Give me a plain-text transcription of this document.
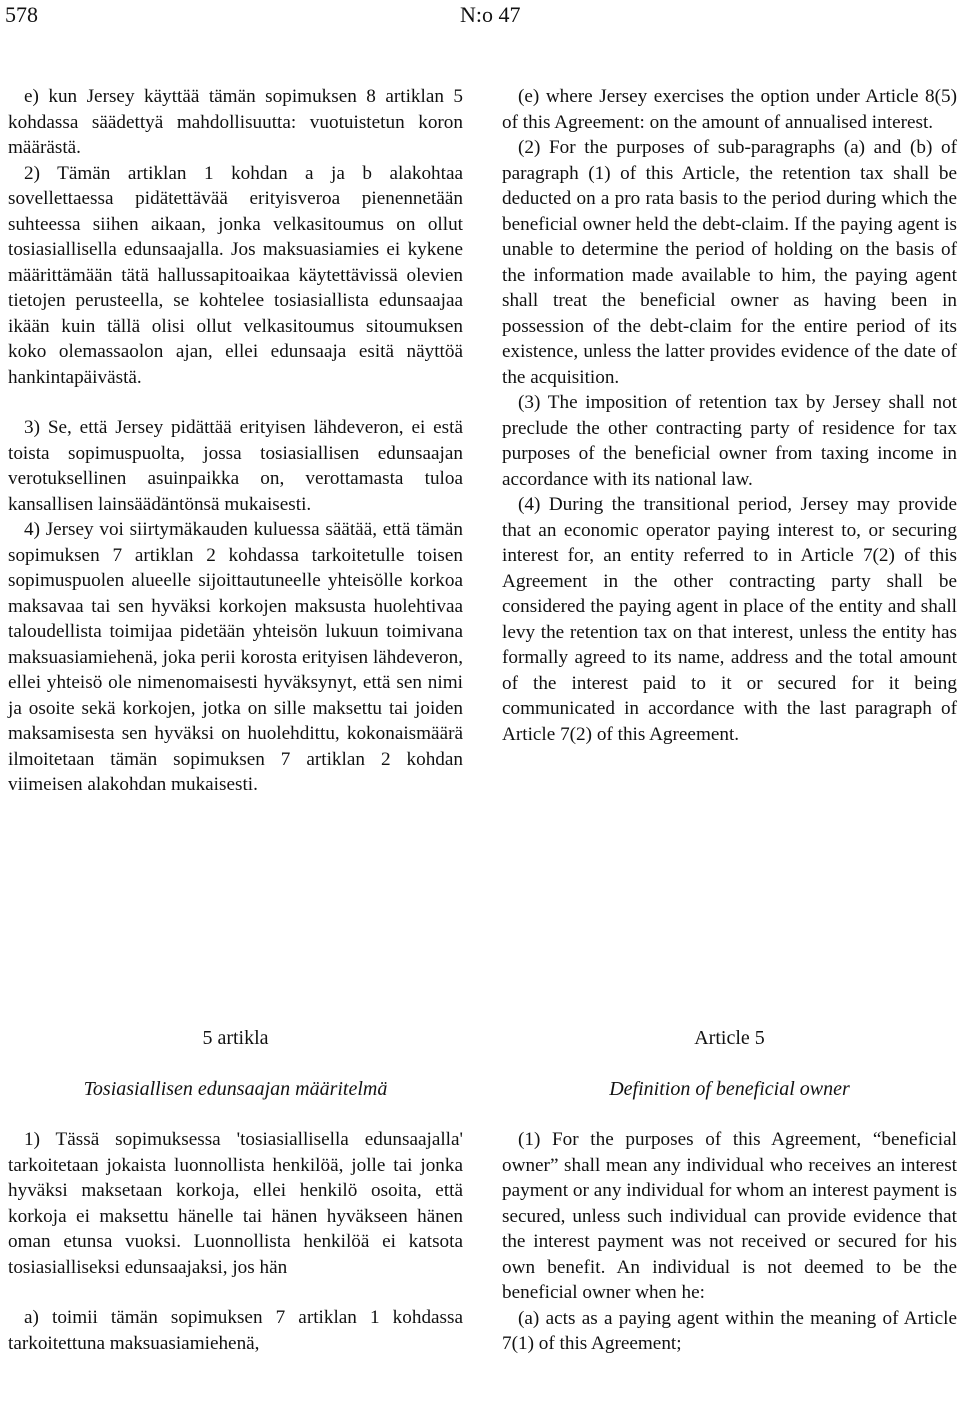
578	N:o 47

e) kun Jersey käyttää tämän sopimuksen 8 artiklan 5 kohdassa säädettyä mahdollisuutta: vuotuistetun koron määrästä.

2) Tämän artiklan 1 kohdan a ja b alakohtaa sovellettaessa pidätettävää erityisveroa pienennetään suhteessa siihen aikaan, jonka velkasitoumus on ollut tosiasiallisella edunsaajalla. Jos maksuasiamies ei kykene määrittämään tätä hallussapitoaikaa käytettävissä olevien tietojen perusteella, se kohtelee tosiasiallista edunsaajaa ikään kuin tällä olisi ollut velkasitoumus sitoumuksen koko olemassaolon ajan, ellei edunsaaja esitä näyttöä hankintapäivästä.

3) Se, että Jersey pidättää erityisen lähdeveron, ei estä toista sopimuspuolta, jossa tosiasiallisen edunsaajan verotuksellinen asuinpaikka on, verottamasta tuloa kansallisen lainsäädäntönsä mukaisesti.

4) Jersey voi siirtymäkauden kuluessa säätää, että tämän sopimuksen 7 artiklan 2 kohdassa tarkoitetulle toisen sopimuspuolen alueelle sijoittautuneelle yhteisölle korkoa maksavaa tai sen hyväksi korkojen maksusta huolehtivaa taloudellista toimijaa pidetään yhteisön lukuun toimivana maksuasiamiehenä, joka perii korosta erityisen lähdeveron, ellei yhteisö ole nimenomaisesti hyväksynyt, että sen nimi ja osoite sekä korkojen, jotka on sille maksettu tai joiden maksamisesta sen hyväksi on huolehdittu, kokonaismäärä ilmoitetaan tämän sopimuksen 7 artiklan 2 kohdan viimeisen alakohdan mukaisesti.

(e) where Jersey exercises the option under Article 8(5) of this Agreement: on the amount of annualised interest.

(2) For the purposes of sub-paragraphs (a) and (b) of paragraph (1) of this Article, the retention tax shall be deducted on a pro rata basis to the period during which the beneficial owner held the debt-claim. If the paying agent is unable to determine the period of holding on the basis of the information made available to him, the paying agent shall treat the beneficial owner as having been in possession of the debt-claim for the entire period of its existence, unless the latter provides evidence of the date of the acquisition.

(3) The imposition of retention tax by Jersey shall not preclude the other contracting party of residence for tax purposes of the beneficial owner from taxing income in accordance with its national law.

(4) During the transitional period, Jersey may provide that an economic operator paying interest to, or securing interest for, an entity referred to in Article 7(2) of this Agreement in the other contracting party shall be considered the paying agent in place of the entity and shall levy the retention tax on that interest, unless the entity has formally agreed to its name, address and the total amount of the interest paid to it or secured for it being communicated in accordance with the last paragraph of Article 7(2) of this Agreement.

5 artikla

Tosiasiallisen edunsaajan määritelmä

1) Tässä sopimuksessa 'tosiasiallisella edunsaajalla' tarkoitetaan jokaista luonnollista henkilöä, jolle tai jonka hyväksi maksetaan korkoja, ellei henkilö osoita, että korkoja ei maksettu hänelle tai hänen hyväkseen hänen oman etunsa vuoksi. Luonnollista henkilöä ei katsota tosiasialliseksi edunsaajaksi, jos hän

a) toimii tämän sopimuksen 7 artiklan 1 kohdassa tarkoitettuna maksuasiamiehenä,

Article 5

Definition of beneficial owner

(1) For the purposes of this Agreement, “beneficial owner” shall mean any individual who receives an interest payment or any individual for whom an interest payment is secured, unless such individual can provide evidence that the interest payment was not received or secured for his own benefit. An individual is not deemed to be the beneficial owner when he:

(a) acts as a paying agent within the meaning of Article 7(1) of this Agreement;
